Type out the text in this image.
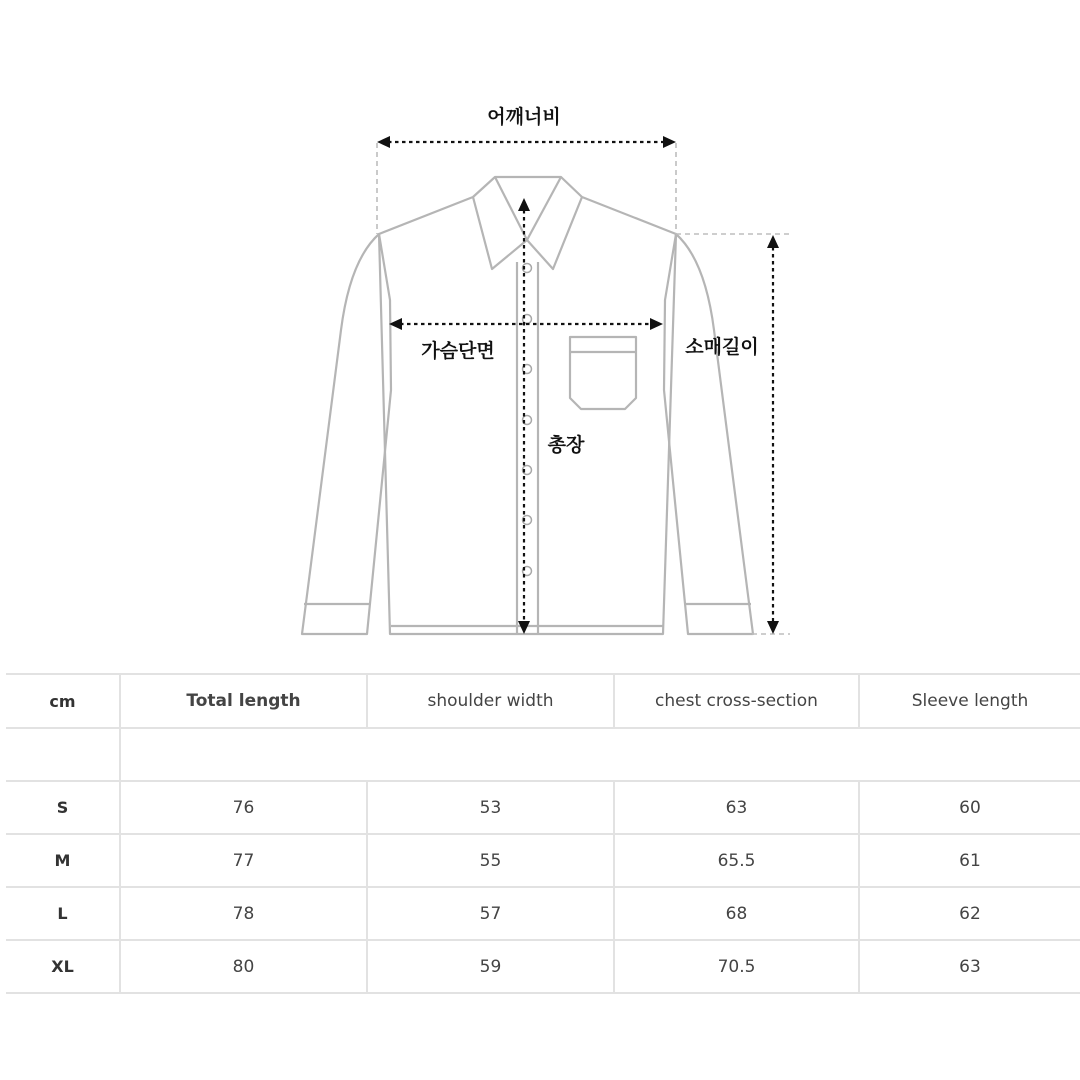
어깨너비
가슴단면	소매길이
총장
cm	Total length	shoulder width	chest cross-section	Sleeve length

S	76	53	63	60
M	77	55	65.5	61
L	78	57	68	62
XL	80	59	70.5	63
